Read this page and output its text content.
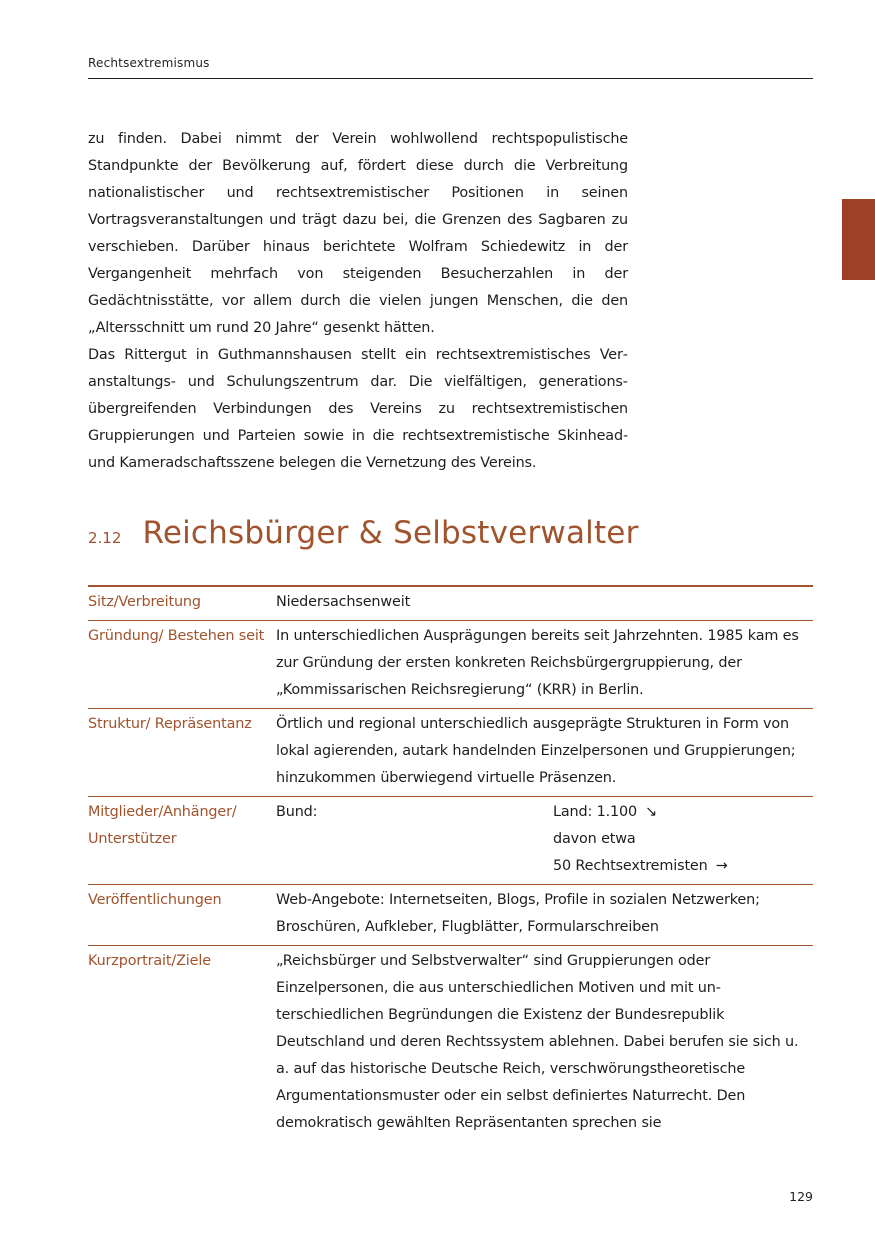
Rechtsextremismus

zu finden. Dabei nimmt der Verein wohlwollend rechtspopulistische Standpunkte der Bevölkerung auf, fördert diese durch die Verbreitung nationalistischer und rechtsextremistischer Positionen in seinen Vortragsveranstaltungen und trägt dazu bei, die Grenzen des Sagbaren zu verschieben. Darüber hinaus berichtete Wolfram Schiedewitz in der Vergangenheit mehrfach von steigenden Besucherzahlen in der Gedächtnisstätte, vor allem durch die vielen jungen Menschen, die den „Altersschnitt um rund 20 Jahre“ gesenkt hätten.

Das Rittergut in Guthmannshausen stellt ein rechtsextremistisches Veranstaltungs- und Schulungszentrum dar. Die vielfältigen, generationsübergreifenden Verbindungen des Vereins zu rechtsextremistischen Gruppierungen und Parteien sowie in die rechtsextremistische Skinhead- und Kameradschaftsszene belegen die Vernetzung des Vereins.

2.12 Reichsbürger & Selbstverwalter
Sitz/Verbreitung	Niedersachsenweit
Gründung/ Bestehen seit	In unterschiedlichen Ausprägungen bereits seit Jahrzehnten. 1985 kam es zur Gründung der ersten konkreten Reichsbürgergruppierung, der „Kommissarischen Reichsregierung“ (KRR) in Berlin.
Struktur/ Repräsentanz	Örtlich und regional unterschiedlich ausgeprägte Strukturen in Form von lokal agierenden, autark handelnden Einzelpersonen und Gruppierungen; hinzukommen überwiegend virtuelle Präsenzen.
Mitglieder/Anhänger/ Unterstützer	Bund: Land: 1.100 ↘
davon etwa
50 Rechtsextremisten →

Veröffentlichungen	Web-Angebote: Internetseiten, Blogs, Profile in sozialen Netzwerken; Broschüren, Aufkleber, Flugblätter, Formularschreiben
Kurzportrait/Ziele	„Reichsbürger und Selbstverwalter“ sind Gruppierungen oder Einzelpersonen, die aus unterschiedlichen Motiven und mit unterschiedlichen Begründungen die Existenz der Bundesrepublik Deutschland und deren Rechtssystem ablehnen. Dabei berufen sie sich u. a. auf das historische Deutsche Reich, verschwörungstheoretische Argumentationsmuster oder ein selbst definiertes Naturrecht. Den demokratisch gewählten Repräsentanten sprechen sie
129
